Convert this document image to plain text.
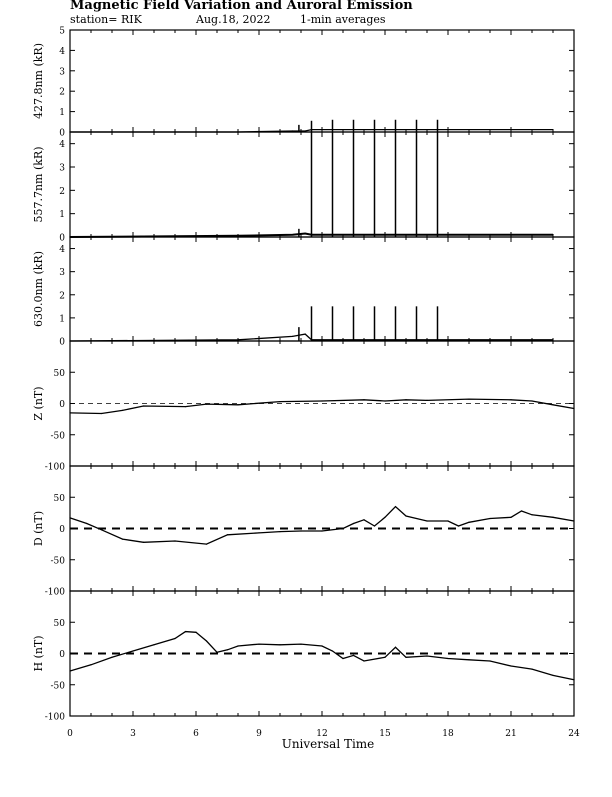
Magnetic Field Variation and Auroral Emission
station= RIK	Aug.18, 2022	1-min averages
0
1
2
3
4
5
427.8nm (kR)
0
1
2
3
4
557.7nm (kR)
0
1
2
3
4
630.0nm (kR)
-100
-50
0
50
Z (nT)
-100
-50
0
50
D (nT)
-100
-50
0
50
H (nT)
0	3	6	9	12	15	18	21	24
Universal Time
